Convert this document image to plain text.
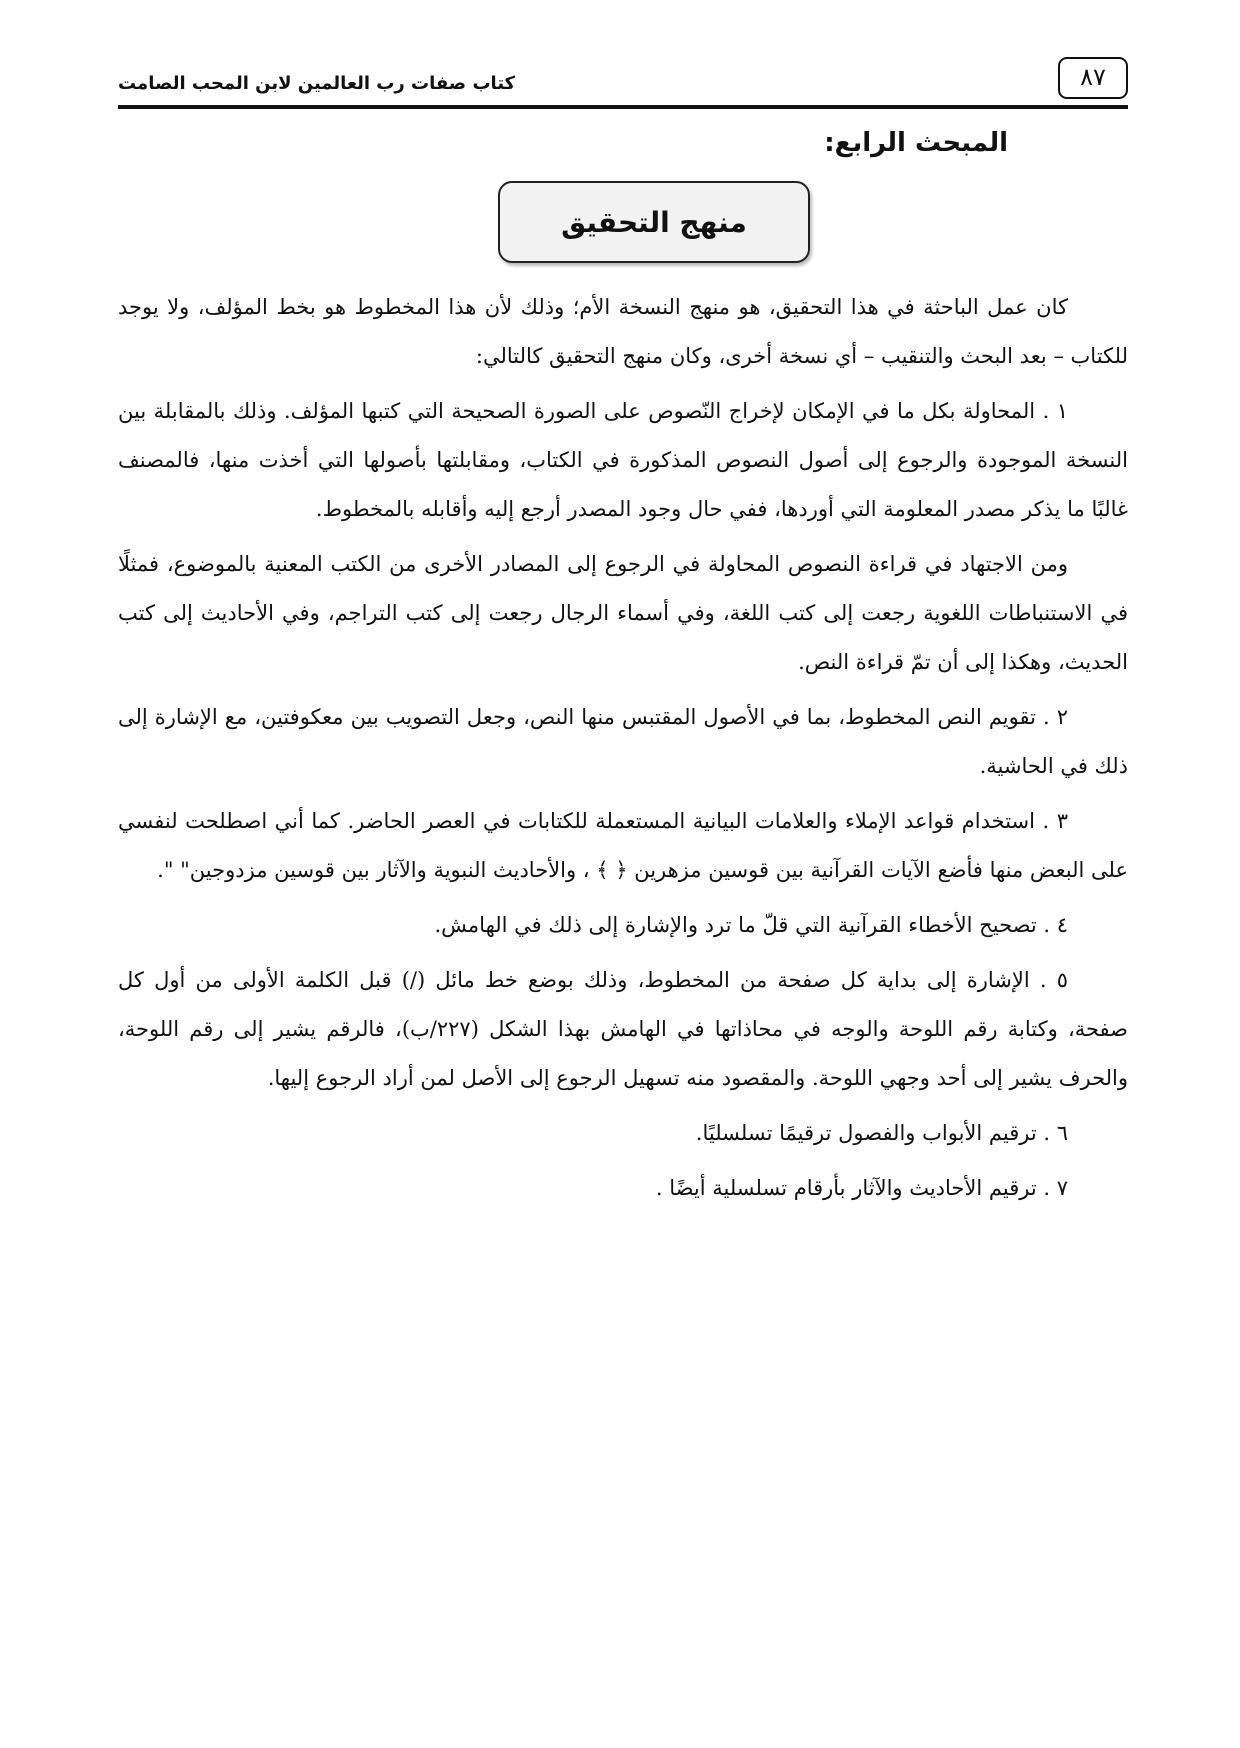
٨٧
كتاب صفات رب العالمين لابن المحب الصامت
المبحث الرابع:
منهج التحقيق

كان عمل الباحثة في هذا التحقيق، هو منهج النسخة الأم؛ وذلك لأن هذا المخطوط هو بخط المؤلف، ولا يوجد للكتاب – بعد البحث والتنقيب – أي نسخة أخرى، وكان منهج التحقيق كالتالي:

١ . المحاولة بكل ما في الإمكان لإخراج النّصوص على الصورة الصحيحة التي كتبها المؤلف. وذلك بالمقابلة بين النسخة الموجودة والرجوع إلى أصول النصوص المذكورة في الكتاب، ومقابلتها بأصولها التي أخذت منها، فالمصنف غالبًا ما يذكر مصدر المعلومة التي أوردها، ففي حال وجود المصدر أرجع إليه وأقابله بالمخطوط.

ومن الاجتهاد في قراءة النصوص المحاولة في الرجوع إلى المصادر الأخرى من الكتب المعنية بالموضوع، فمثلًا في الاستنباطات اللغوية رجعت إلى كتب اللغة، وفي أسماء الرجال رجعت إلى كتب التراجم، وفي الأحاديث إلى كتب الحديث، وهكذا إلى أن تمّ قراءة النص.

٢ . تقويم النص المخطوط، بما في الأصول المقتبس منها النص، وجعل التصويب بين معكوفتين، مع الإشارة إلى ذلك في الحاشية.

٣ . استخدام قواعد الإملاء والعلامات البيانية المستعملة للكتابات في العصر الحاضر. كما أني اصطلحت لنفسي على البعض منها فأضع الآيات القرآنية بين قوسين مزهرين ﴿ ﴾ ، والأحاديث النبوية والآثار بين قوسين مزدوجين" ".

٤ . تصحيح الأخطاء القرآنية التي قلّ ما ترد والإشارة إلى ذلك في الهامش.

٥ . الإشارة إلى بداية كل صفحة من المخطوط، وذلك بوضع خط مائل (/) قبل الكلمة الأولى من أول كل صفحة، وكتابة رقم اللوحة والوجه في محاذاتها في الهامش بهذا الشكل (٢٢٧/ب)، فالرقم يشير إلى رقم اللوحة، والحرف يشير إلى أحد وجهي اللوحة. والمقصود منه تسهيل الرجوع إلى الأصل لمن أراد الرجوع إليها.

٦ . ترقيم الأبواب والفصول ترقيمًا تسلسليًا.

٧ . ترقيم الأحاديث والآثار بأرقام تسلسلية أيضًا .
